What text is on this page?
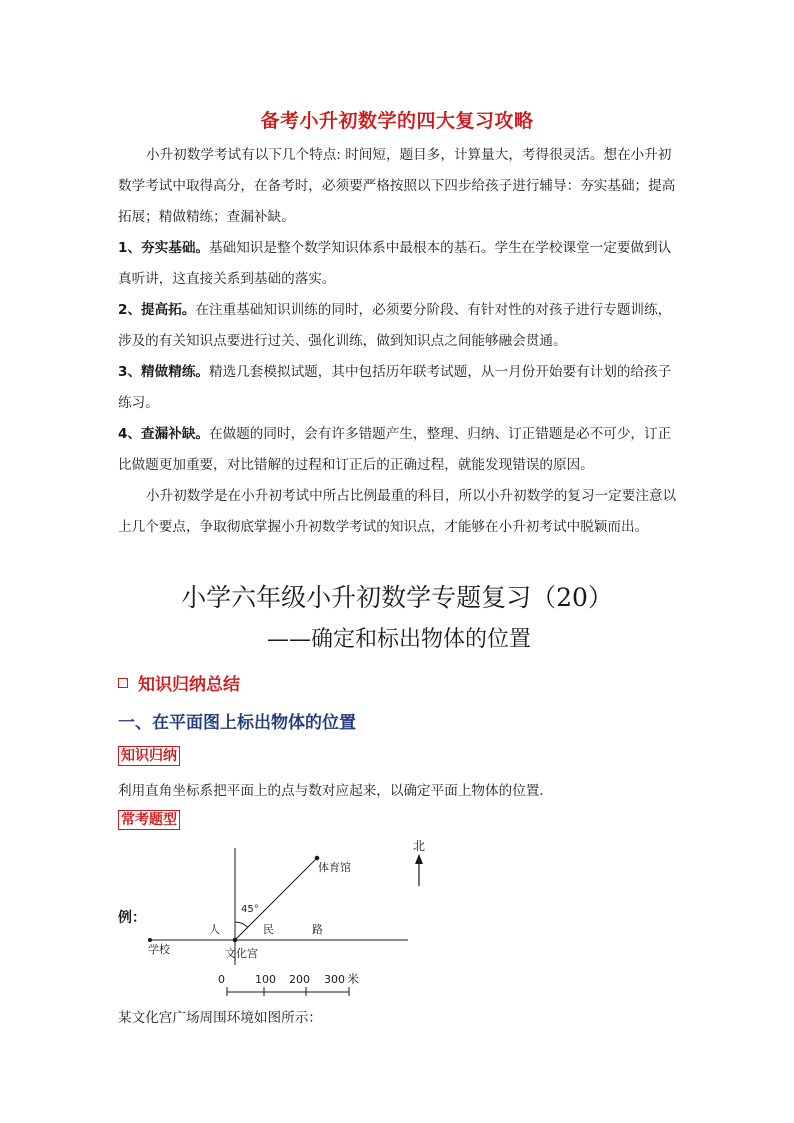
备考小升初数学的四大复习攻略

小升初数学考试有以下几个特点: 时间短，题目多，计算量大，考得很灵活。想在小升初数学考试中取得高分，在备考时，必须要严格按照以下四步给孩子进行辅导：夯实基础；提高拓展；精做精练；查漏补缺。

1、夯实基础。基础知识是整个数学知识体系中最根本的基石。学生在学校课堂一定要做到认真听讲，这直接关系到基础的落实。

2、提高拓。在注重基础知识训练的同时，必须要分阶段、有针对性的对孩子进行专题训练，涉及的有关知识点要进行过关、强化训练，做到知识点之间能够融会贯通。

3、精做精练。精选几套模拟试题，其中包括历年联考试题，从一月份开始要有计划的给孩子练习。

4、查漏补缺。在做题的同时，会有许多错题产生，整理、归纳、订正错题是必不可少，订正比做题更加重要，对比错解的过程和订正后的正确过程，就能发现错误的原因。

小升初数学是在小升初考试中所占比例最重的科目，所以小升初数学的复习一定要注意以上几个要点，争取彻底掌握小升初数学考试的知识点，才能够在小升初考试中脱颖而出。

小学六年级小升初数学专题复习（20）
——确定和标出物体的位置
知识归纳总结
一、在平面图上标出物体的位置
知识归纳
利用直角坐标系把平面上的点与数对应起来，以确定平面上物体的位置．
常考题型
例：
北
体育馆
45°
人	民	路
学校	文化宫
0	100 200 300 米
某文化宫广场周围环境如图所示：
